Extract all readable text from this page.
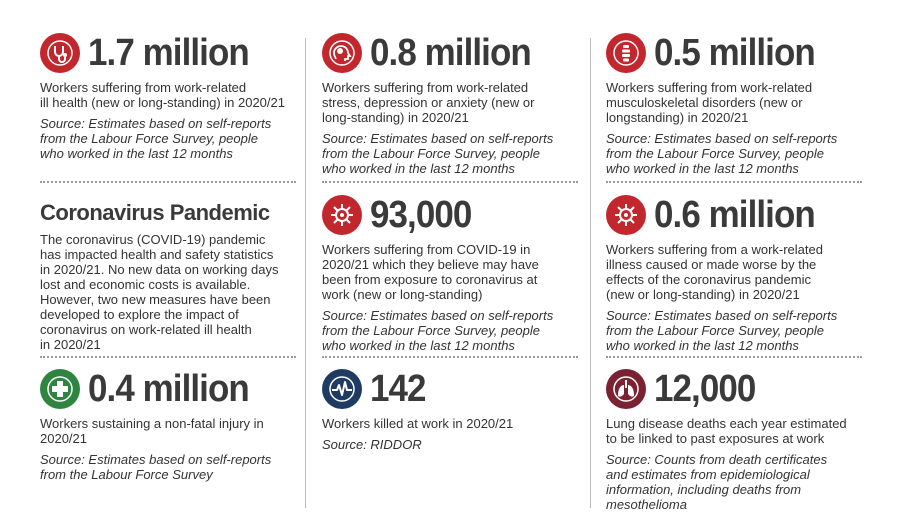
1.7 million
Workers suffering from work-related
ill health (new or long-standing) in 2020/21
Source: Estimates based on self-reports
from the Labour Force Survey, people
who worked in the last 12 months
0.8 million
Workers suffering from work-related
stress, depression or anxiety (new or
long-standing) in 2020/21
Source: Estimates based on self-reports
from the Labour Force Survey, people
who worked in the last 12 months
0.5 million
Workers suffering from work-related
musculoskeletal disorders (new or
longstanding) in 2020/21
Source: Estimates based on self-reports
from the Labour Force Survey, people
who worked in the last 12 months
Coronavirus Pandemic
The coronavirus (COVID-19) pandemic
has impacted health and safety statistics
in 2020/21. No new data on working days
lost and economic costs is available.
However, two new measures have been
developed to explore the impact of
coronavirus on work-related ill health
in 2020/21
93,000
Workers suffering from COVID-19 in
2020/21 which they believe may have
been from exposure to coronavirus at
work (new or long-standing)
Source: Estimates based on self-reports
from the Labour Force Survey, people
who worked in the last 12 months
0.6 million
Workers suffering from a work-related
illness caused or made worse by the
effects of the coronavirus pandemic
(new or long-standing) in 2020/21
Source: Estimates based on self-reports
from the Labour Force Survey, people
who worked in the last 12 months
0.4 million
Workers sustaining a non-fatal injury in
2020/21
Source: Estimates based on self-reports
from the Labour Force Survey
142
Workers killed at work in 2020/21
Source: RIDDOR
12,000
Lung disease deaths each year estimated
to be linked to past exposures at work
Source: Counts from death certificates
and estimates from epidemiological
information, including deaths from
mesothelioma
